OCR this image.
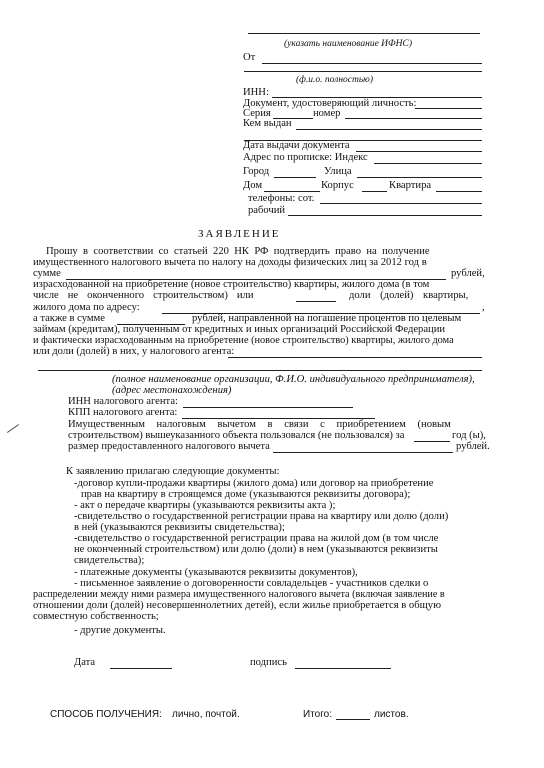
(указать наименование ИФНС)
От
(ф.и.о. полностью)
ИНН:
Документ, удостоверяющий личность:
Серия	номер
Кем выдан
Дата выдачи документа
Адрес по прописке: Индекс
Город	Улица
Дом	Корпус	Квартира
телефоны: сот.
рабочий
ЗАЯВЛЕНИЕ
Прошу в соответствии со статьей 220 НК РФ подтвердить право на получение
имущественного налогового вычета по налогу на доходы физических лиц за 2012 год в
сумме	рублей,
израсходованной на приобретение (новое строительство) квартиры, жилого дома (в том
числе не оконченного строительством) или	доли (долей) квартиры,
жилого дома по адресу:	,
а также в сумме	рублей, направленной на погашение процентов по целевым
займам (кредитам), полученным от кредитных и иных организаций Российской Федерации
и фактически израсходованным на приобретение (новое строительство) квартиры, жилого дома
или доли (долей) в них, у налогового агента:
(полное наименование организации, Ф.И.О. индивидуального предпринимателя),
(адрес местонахождения)
ИНН налогового агента:
КПП налогового агента:
Имущественным налоговым вычетом в связи с приобретением (новым
строительством) вышеуказанного объекта пользовался (не пользовался) за	год (ы),
размер предоставленного налогового вычета	рублей.
К заявлению прилагаю следующие документы:
-договор купли-продажи квартиры (жилого дома) или договор на приобретение
прав на квартиру в строящемся доме (указываются реквизиты договора);
- акт о передаче квартиры (указываются реквизиты акта );
-свидетельство о государственной регистрации права на квартиру или долю (доли)
в ней (указываются реквизиты свидетельства);
-свидетельство о государственной регистрации права на жилой дом (в том числе
не оконченный строительством) или долю (доли) в нем (указываются реквизиты
свидетельства);
- платежные документы (указываются реквизиты документов),
- письменное заявление о договоренности совладельцев - участников сделки о
распределении между ними размера имущественного налогового вычета (включая заявление в
отношении доли (долей) несовершеннолетних детей), если жилье приобретается в общую
совместную собственность;
- другие документы.
Дата	подпись
СПОСОБ ПОЛУЧЕНИЯ: лично, почтой.	Итого:	листов.
